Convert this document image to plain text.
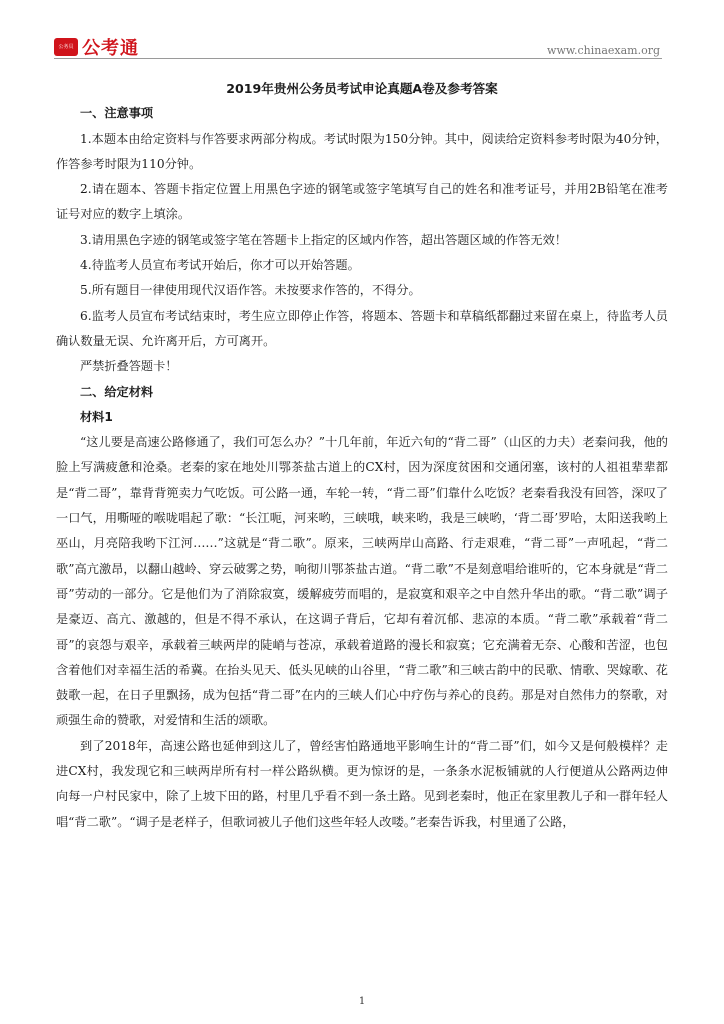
公务员 公考通	www.chinaexam.org
2019年贵州公务员考试申论真题A卷及参考答案
一、注意事项

1.本题本由给定资料与作答要求两部分构成。考试时限为150分钟。其中，阅读给定资料参考时限为40分钟，作答参考时限为110分钟。

2.请在题本、答题卡指定位置上用黑色字迹的钢笔或签字笔填写自己的姓名和准考证号，并用2B铅笔在准考证号对应的数字上填涂。

3.请用黑色字迹的钢笔或签字笔在答题卡上指定的区域内作答，超出答题区域的作答无效！

4.待监考人员宣布考试开始后，你才可以开始答题。

5.所有题目一律使用现代汉语作答。未按要求作答的，不得分。

6.监考人员宣布考试结束时，考生应立即停止作答，将题本、答题卡和草稿纸都翻过来留在桌上，待监考人员确认数量无误、允许离开后，方可离开。

严禁折叠答题卡！

二、给定材料
材料1

“这儿要是高速公路修通了，我们可怎么办？”十几年前，年近六旬的“背二哥”（山区的力夫）老秦问我，他的脸上写满疲惫和沧桑。老秦的家在地处川鄂茶盐古道上的CX村，因为深度贫困和交通闭塞，该村的人祖祖辈辈都是“背二哥”，靠背背篼卖力气吃饭。可公路一通，车轮一转，“背二哥”们靠什么吃饭？老秦看我没有回答，深叹了一口气，用嘶哑的喉咙唱起了歌：“长江呃，河来哟，三峡哦，峡来哟，我是三峡哟，‘背二哥’罗哈，太阳送我哟上巫山，月亮陪我哟下江河……”这就是“背二歌”。原来，三峡两岸山高路、行走艰难，“背二哥”一声吼起，“背二歌”高亢激昂，以翻山越岭、穿云破雾之势，响彻川鄂茶盐古道。“背二歌”不是刻意唱给谁听的，它本身就是“背二哥”劳动的一部分。它是他们为了消除寂寞，缓解疲劳而唱的，是寂寞和艰辛之中自然升华出的歌。“背二歌”调子是豪迈、高亢、激越的，但是不得不承认，在这调子背后，它却有着沉郁、悲凉的本质。“背二歌”承载着“背二哥”的哀怨与艰辛，承载着三峡两岸的陡峭与苍凉，承载着道路的漫长和寂寞；它充满着无奈、心酸和苦涩，也包含着他们对幸福生活的希冀。在抬头见天、低头见峡的山谷里，“背二歌”和三峡古韵中的民歌、情歌、哭嫁歌、花鼓歌一起，在日子里飘扬，成为包括“背二哥”在内的三峡人们心中疗伤与养心的良药。那是对自然伟力的祭歌，对顽强生命的赞歌，对爱情和生活的颂歌。

到了2018年，高速公路也延伸到这儿了，曾经害怕路通地平影响生计的“背二哥”们，如今又是何般模样？走进CX村，我发现它和三峡两岸所有村一样公路纵横。更为惊讶的是，一条条水泥板铺就的人行便道从公路两边伸向每一户村民家中，除了上坡下田的路，村里几乎看不到一条土路。见到老秦时，他正在家里教儿子和一群年轻人唱“背二歌”。“调子是老样子，但歌词被儿子他们这些年轻人改喽。”老秦告诉我，村里通了公路，

1
